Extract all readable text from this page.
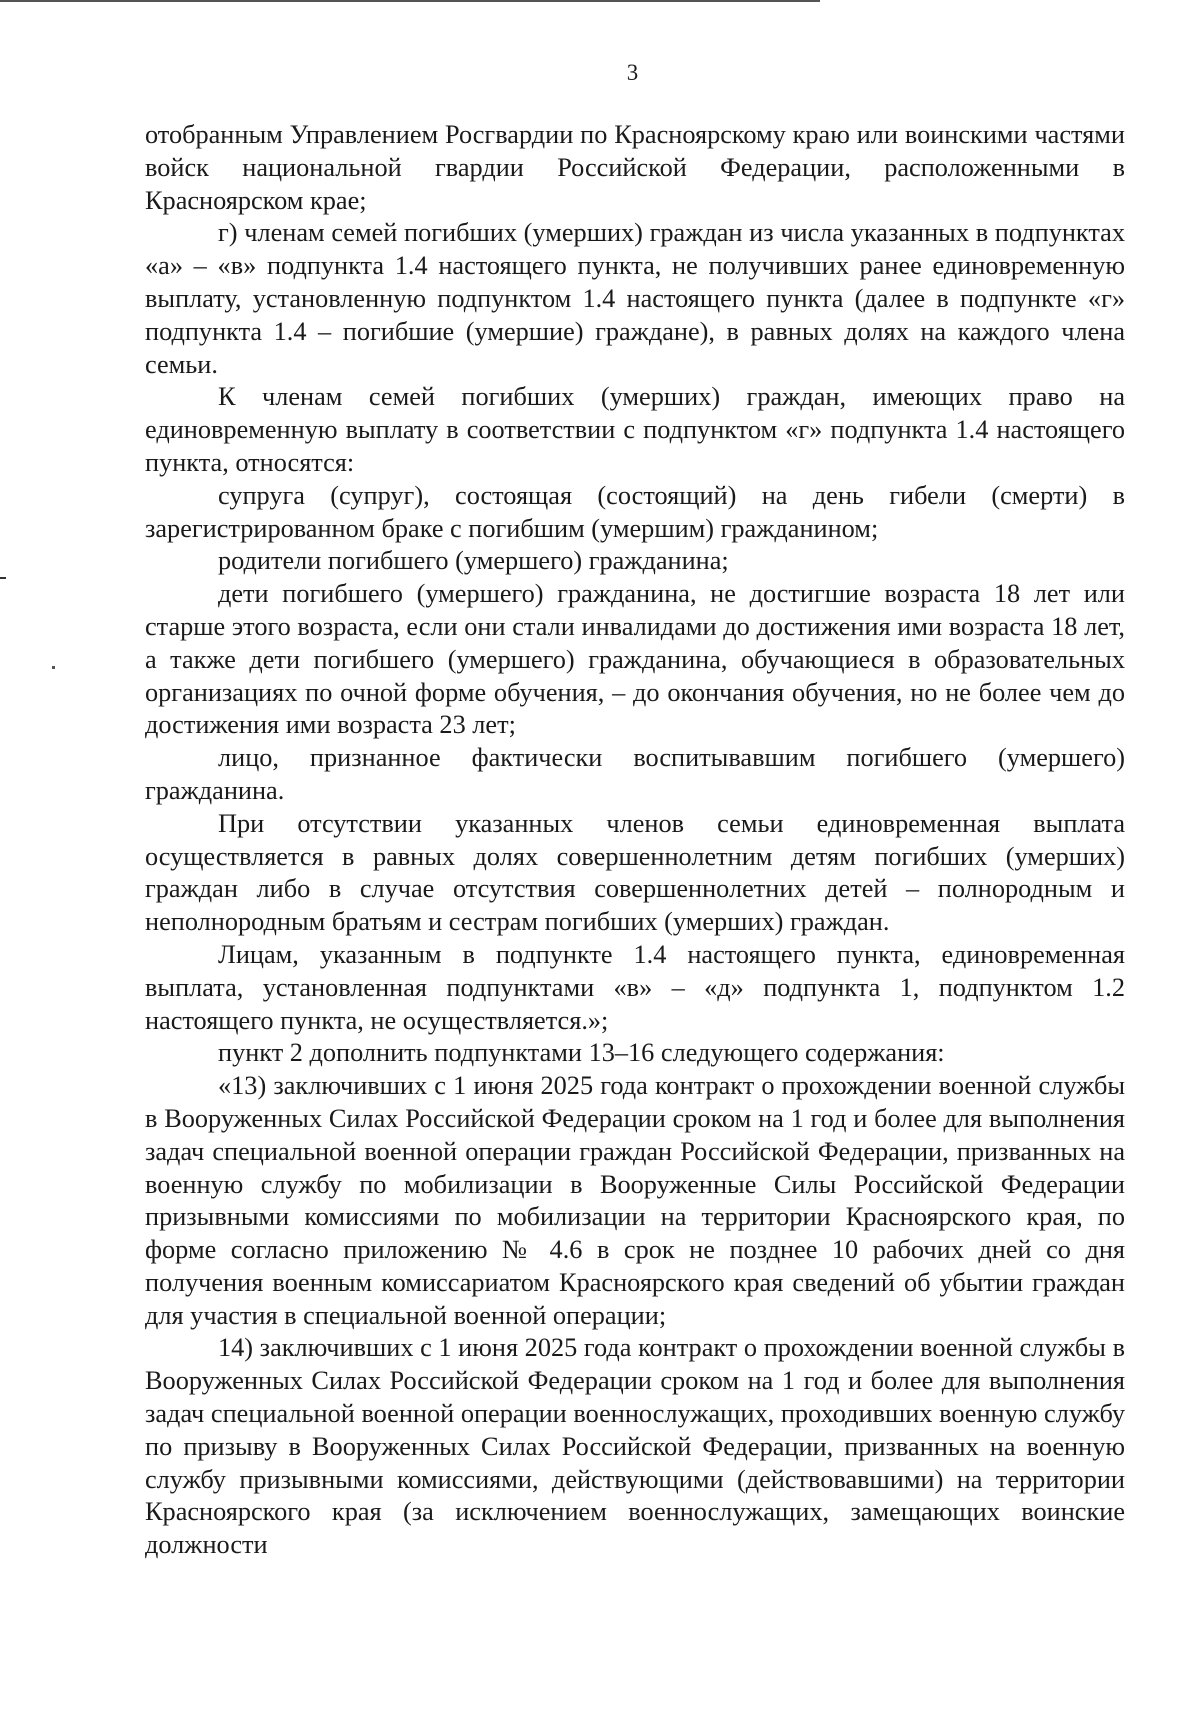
3

отобранным Управлением Росгвардии по Красноярскому краю или воинскими частями войск национальной гвардии Российской Федерации, расположенными в Красноярском крае;

г) членам семей погибших (умерших) граждан из числа указанных в подпунктах «а» – «в» подпункта 1.4 настоящего пункта, не получивших ранее единовременную выплату, установленную подпунктом 1.4 настоящего пункта (далее в подпункте «г» подпункта 1.4 – погибшие (умершие) граждане), в равных долях на каждого члена семьи.

К членам семей погибших (умерших) граждан, имеющих право на единовременную выплату в соответствии с подпунктом «г» подпункта 1.4 настоящего пункта, относятся:

супруга (супруг), состоящая (состоящий) на день гибели (смерти) в зарегистрированном браке с погибшим (умершим) гражданином;

родители погибшего (умершего) гражданина;

дети погибшего (умершего) гражданина, не достигшие возраста 18 лет или старше этого возраста, если они стали инвалидами до достижения ими возраста 18 лет, а также дети погибшего (умершего) гражданина, обучающиеся в образовательных организациях по очной форме обучения, – до окончания обучения, но не более чем до достижения ими возраста 23 лет;

лицо, признанное фактически воспитывавшим погибшего (умершего) гражданина.

При отсутствии указанных членов семьи единовременная выплата осуществляется в равных долях совершеннолетним детям погибших (умерших) граждан либо в случае отсутствия совершеннолетних детей – полнородным и неполнородным братьям и сестрам погибших (умерших) граждан.

Лицам, указанным в подпункте 1.4 настоящего пункта, единовременная выплата, установленная подпунктами «в» – «д» подпункта 1, подпунктом 1.2 настоящего пункта, не осуществляется.»;

пункт 2 дополнить подпунктами 13–16 следующего содержания:

«13) заключивших с 1 июня 2025 года контракт о прохождении военной службы в Вооруженных Силах Российской Федерации сроком на 1 год и более для выполнения задач специальной военной операции граждан Российской Федерации, призванных на военную службу по мобилизации в Вооруженные Силы Российской Федерации призывными комиссиями по мобилизации на территории Красноярского края, по форме согласно приложению № 4.6 в срок не позднее 10 рабочих дней со дня получения военным комиссариатом Красноярского края сведений об убытии граждан для участия в специальной военной операции;

14) заключивших с 1 июня 2025 года контракт о прохождении военной службы в Вооруженных Силах Российской Федерации сроком на 1 год и более для выполнения задач специальной военной операции военнослужащих, проходивших военную службу по призыву в Вооруженных Силах Российской Федерации, призванных на военную службу призывными комиссиями, действующими (действовавшими) на территории Красноярского края (за исключением военнослужащих, замещающих воинские должности
